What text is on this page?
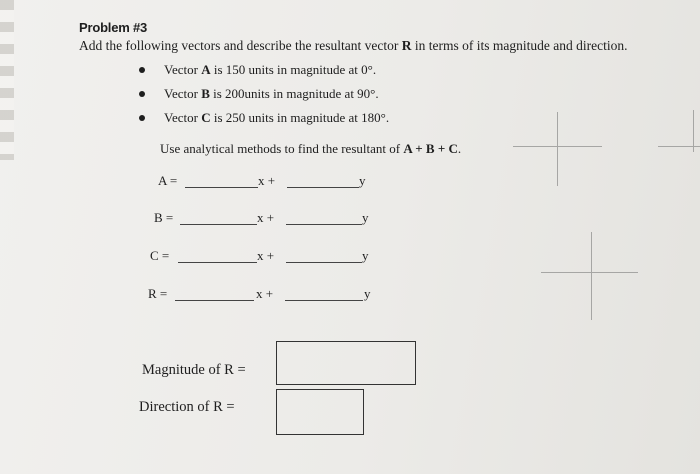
Problem #3
Add the following vectors and describe the resultant vector R in terms of its magnitude and direction.
Vector A is 150 units in magnitude at 0°.
Vector B is 200units in magnitude at 90°.
Vector C is 250 units in magnitude at 180°.
Use analytical methods to find the resultant of A + B + C.
A =	x +	y
B =	x +	y
C =	x +	y
R =	x +	y
Magnitude of R =
Direction of R =
